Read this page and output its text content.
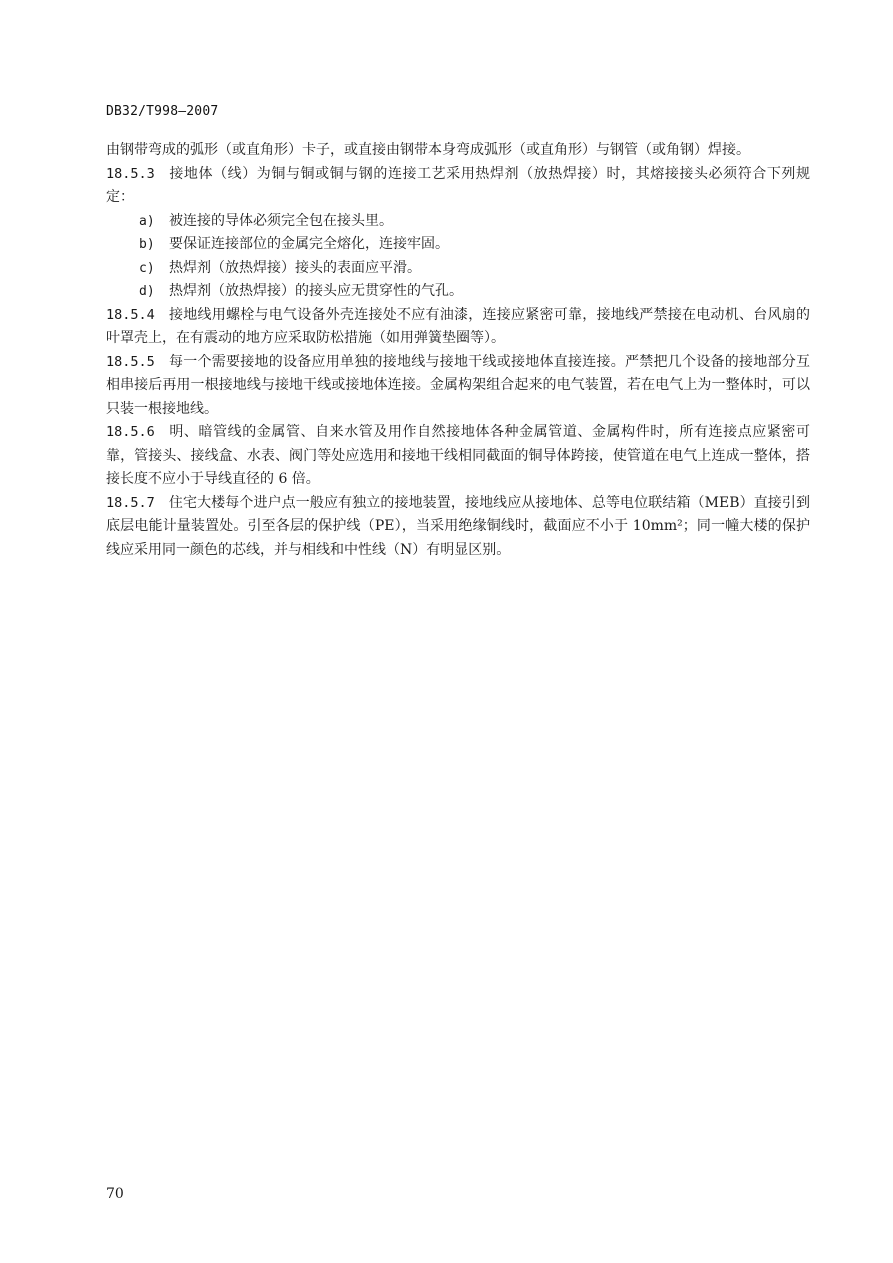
DB32/T998—2007

由钢带弯成的弧形（或直角形）卡子，或直接由钢带本身弯成弧形（或直角形）与钢管（或角钢）焊接。

18.5.3 接地体（线）为铜与铜或铜与钢的连接工艺采用热焊剂（放热焊接）时，其熔接接头必须符合下列规定：

a)	被连接的导体必须完全包在接头里。

b)	要保证连接部位的金属完全熔化，连接牢固。

c)	热焊剂（放热焊接）接头的表面应平滑。

d)	热焊剂（放热焊接）的接头应无贯穿性的气孔。

18.5.4 接地线用螺栓与电气设备外壳连接处不应有油漆，连接应紧密可靠，接地线严禁接在电动机、台风扇的叶罩壳上，在有震动的地方应采取防松措施（如用弹簧垫圈等）。

18.5.5 每一个需要接地的设备应用单独的接地线与接地干线或接地体直接连接。严禁把几个设备的接地部分互相串接后再用一根接地线与接地干线或接地体连接。金属构架组合起来的电气装置，若在电气上为一整体时，可以只装一根接地线。

18.5.6 明、暗管线的金属管、自来水管及用作自然接地体各种金属管道、金属构件时，所有连接点应紧密可靠，管接头、接线盒、水表、阀门等处应选用和接地干线相同截面的铜导体跨接，使管道在电气上连成一整体，搭接长度不应小于导线直径的 6 倍。

18.5.7 住宅大楼每个进户点一般应有独立的接地装置，接地线应从接地体、总等电位联结箱（MEB）直接引到底层电能计量装置处。引至各层的保护线（PE），当采用绝缘铜线时，截面应不小于 10mm²；同一幢大楼的保护线应采用同一颜色的芯线，并与相线和中性线（N）有明显区别。

70
